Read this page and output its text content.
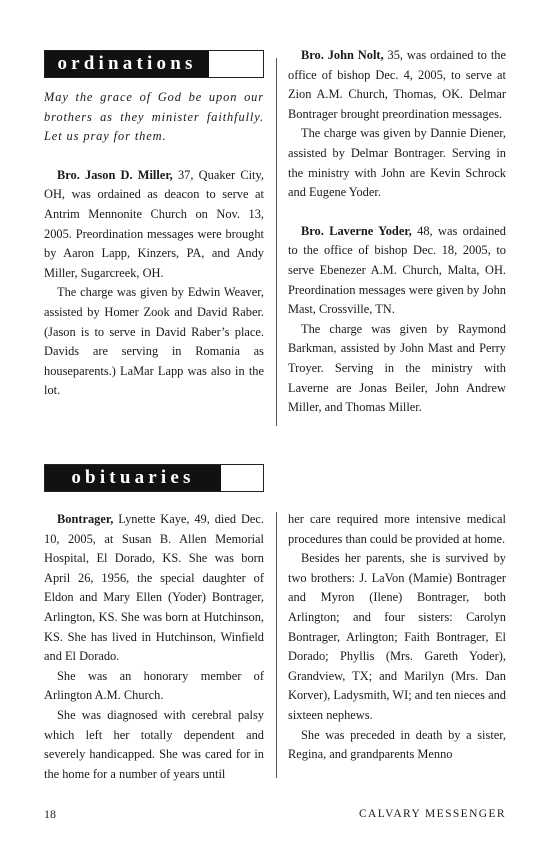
ordinations

May the grace of God be upon our brothers as they minister faithfully. Let us pray for them.

Bro. Jason D. Miller, 37, Quaker City, OH, was ordained as deacon to serve at Antrim Mennonite Church on Nov. 13, 2005. Preordination messages were brought by Aaron Lapp, Kinzers, PA, and Andy Miller, Sugarcreek, OH.

The charge was given by Edwin Weaver, assisted by Homer Zook and David Raber. (Jason is to serve in David Raber’s place. Davids are serving in Romania as houseparents.) LaMar Lapp was also in the lot.

Bro. John Nolt, 35, was ordained to the office of bishop Dec. 4, 2005, to serve at Zion A.M. Church, Thomas, OK. Delmar Bontrager brought preordination messages.

The charge was given by Dannie Diener, assisted by Delmar Bontrager. Serving in the ministry with John are Kevin Schrock and Eugene Yoder.

Bro. Laverne Yoder, 48, was ordained to the office of bishop Dec. 18, 2005, to serve Ebenezer A.M. Church, Malta, OH. Preordination messages were given by John Mast, Crossville, TN.

The charge was given by Raymond Barkman, assisted by John Mast and Perry Troyer. Serving in the ministry with Laverne are Jonas Beiler, John Andrew Miller, and Thomas Miller.

obituaries

Bontrager, Lynette Kaye, 49, died Dec. 10, 2005, at Susan B. Allen Memorial Hospital, El Dorado, KS. She was born April 26, 1956, the special daughter of Eldon and Mary Ellen (Yoder) Bontrager, Arlington, KS. She was born at Hutchinson, KS. She has lived in Hutchinson, Winfield and El Dorado.

She was an honorary member of Arlington A.M. Church.

She was diagnosed with cerebral palsy which left her totally dependent and severely handicapped. She was cared for in the home for a number of years until

her care required more intensive medical procedures than could be provided at home.

Besides her parents, she is survived by two brothers: J. LaVon (Mamie) Bontrager and Myron (Ilene) Bontrager, both Arlington; and four sisters: Carolyn Bontrager, Arlington; Faith Bontrager, El Dorado; Phyllis (Mrs. Gareth Yoder), Grandview, TX; and Marilyn (Mrs. Dan Korver), Ladysmith, WI; and ten nieces and sixteen nephews.

She was preceded in death by a sister, Regina, and grandparents Menno

18	CALVARY MESSENGER
